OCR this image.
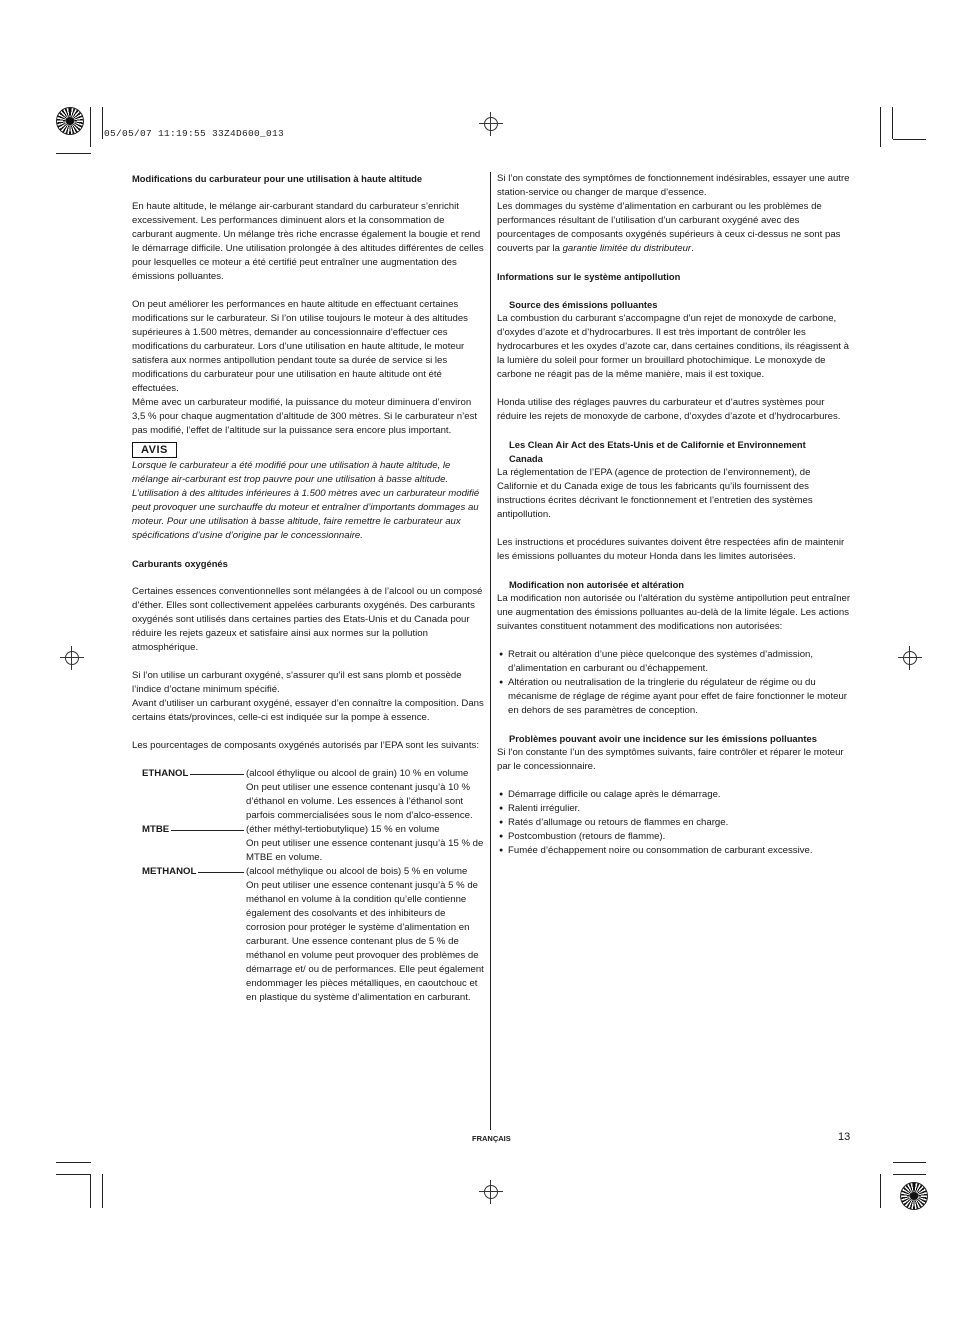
05/05/07 11:19:55 33Z4D600_013
Modifications du carburateur pour une utilisation à haute altitude

En haute altitude, le mélange air-carburant standard du carburateur s’enrichit excessivement. Les performances diminuent alors et la consommation de carburant augmente. Un mélange très riche encrasse également la bougie et rend le démarrage difficile. Une utilisation prolongée à des altitudes différentes de celles pour lesquelles ce moteur a été certifié peut entraîner une augmentation des émissions polluantes.

On peut améliorer les performances en haute altitude en effectuant certaines modifications sur le carburateur. Si l’on utilise toujours le moteur à des altitudes supérieures à 1.500 mètres, demander au concessionnaire d’effectuer ces modifications du carburateur. Lors d’une utilisation en haute altitude, le moteur satisfera aux normes antipollution pendant toute sa durée de service si les modifications du carburateur pour une utilisation en haute altitude ont été effectuées.

Même avec un carburateur modifié, la puissance du moteur diminuera d’environ 3,5 % pour chaque augmentation d’altitude de 300 mètres. Si le carburateur n’est pas modifié, l’effet de l’altitude sur la puissance sera encore plus important.

AVIS

Lorsque le carburateur a été modifié pour une utilisation à haute altitude, le mélange air-carburant est trop pauvre pour une utilisation à basse altitude. L’utilisation à des altitudes inférieures à 1.500 mètres avec un carburateur modifié peut provoquer une surchauffe du moteur et entraîner d’importants dommages au moteur. Pour une utilisation à basse altitude, faire remettre le carburateur aux spécifications d’usine d’origine par le concessionnaire.

Carburants oxygénés

Certaines essences conventionnelles sont mélangées à de l’alcool ou un composé d’éther. Elles sont collectivement appelées carburants oxygénés. Des carburants oxygénés sont utilisés dans certaines parties des Etats-Unis et du Canada pour réduire les rejets gazeux et satisfaire ainsi aux normes sur la pollution atmosphérique.

Si l’on utilise un carburant oxygéné, s’assurer qu’il est sans plomb et possède l’indice d’octane minimum spécifié.

Avant d’utiliser un carburant oxygéné, essayer d’en connaître la composition. Dans certains états/provinces, celle-ci est indiquée sur la pompe à essence.

Les pourcentages de composants oxygénés autorisés par l’EPA sont les suivants:

ETHANOL	(alcool éthylique ou alcool de grain) 10 % en volume
On peut utiliser une essence contenant jusqu’à 10 % d’éthanol en volume. Les essences à l’éthanol sont parfois commercialisées sous le nom d’alco-essence.
MTBE	(éther méthyl-tertiobutylique) 15 % en volume
On peut utiliser une essence contenant jusqu’à 15 % de MTBE en volume.
METHANOL	(alcool méthylique ou alcool de bois) 5 % en volume
On peut utiliser une essence contenant jusqu’à 5 % de méthanol en volume à la condition qu’elle contienne également des cosolvants et des inhibiteurs de corrosion pour protéger le système d’alimentation en carburant. Une essence contenant plus de 5 % de méthanol en volume peut provoquer des problèmes de démarrage et/ ou de performances. Elle peut également endommager les pièces métalliques, en caoutchouc et en plastique du système d’alimentation en carburant.

Si l’on constate des symptômes de fonctionnement indésirables, essayer une autre station-service ou changer de marque d’essence.

Les dommages du système d’alimentation en carburant ou les problèmes de performances résultant de l’utilisation d’un carburant oxygéné avec des pourcentages de composants oxygénés supérieurs à ceux ci-dessus ne sont pas couverts par la garantie limitée du distributeur.

Informations sur le système antipollution
Source des émissions polluantes

La combustion du carburant s’accompagne d’un rejet de monoxyde de carbone, d’oxydes d’azote et d’hydrocarbures. Il est très important de contrôler les hydrocarbures et les oxydes d’azote car, dans certaines conditions, ils réagissent à la lumière du soleil pour former un brouillard photochimique. Le monoxyde de carbone ne réagit pas de la même manière, mais il est toxique.

Honda utilise des réglages pauvres du carburateur et d’autres systèmes pour réduire les rejets de monoxyde de carbone, d’oxydes d’azote et d’hydrocarbures.

Les Clean Air Act des Etats-Unis et de Californie et Environnement
Canada

La réglementation de l’EPA (agence de protection de l’environnement), de Californie et du Canada exige de tous les fabricants qu’ils fournissent des instructions écrites décrivant le fonctionnement et l’entretien des systèmes antipollution.

Les instructions et procédures suivantes doivent être respectées afin de maintenir les émissions polluantes du moteur Honda dans les limites autorisées.

Modification non autorisée et altération

La modification non autorisée ou l’altération du système antipollution peut entraîner une augmentation des émissions polluantes au-delà de la limite légale. Les actions suivantes constituent notamment des modifications non autorisées:

● Retrait ou altération d’une pièce quelconque des systèmes d’admission, d’alimentation en carburant ou d’échappement.
● Altération ou neutralisation de la tringlerie du régulateur de régime ou du mécanisme de réglage de régime ayant pour effet de faire fonctionner le moteur en dehors de ses paramètres de conception.
Problèmes pouvant avoir une incidence sur les émissions polluantes

Si l’on constante l’un des symptômes suivants, faire contrôler et réparer le moteur par le concessionnaire.

● Démarrage difficile ou calage après le démarrage.
● Ralenti irrégulier.
● Ratés d’allumage ou retours de flammes en charge.
● Postcombustion (retours de flamme).
● Fumée d’échappement noire ou consommation de carburant excessive.
FRANÇAIS	13
